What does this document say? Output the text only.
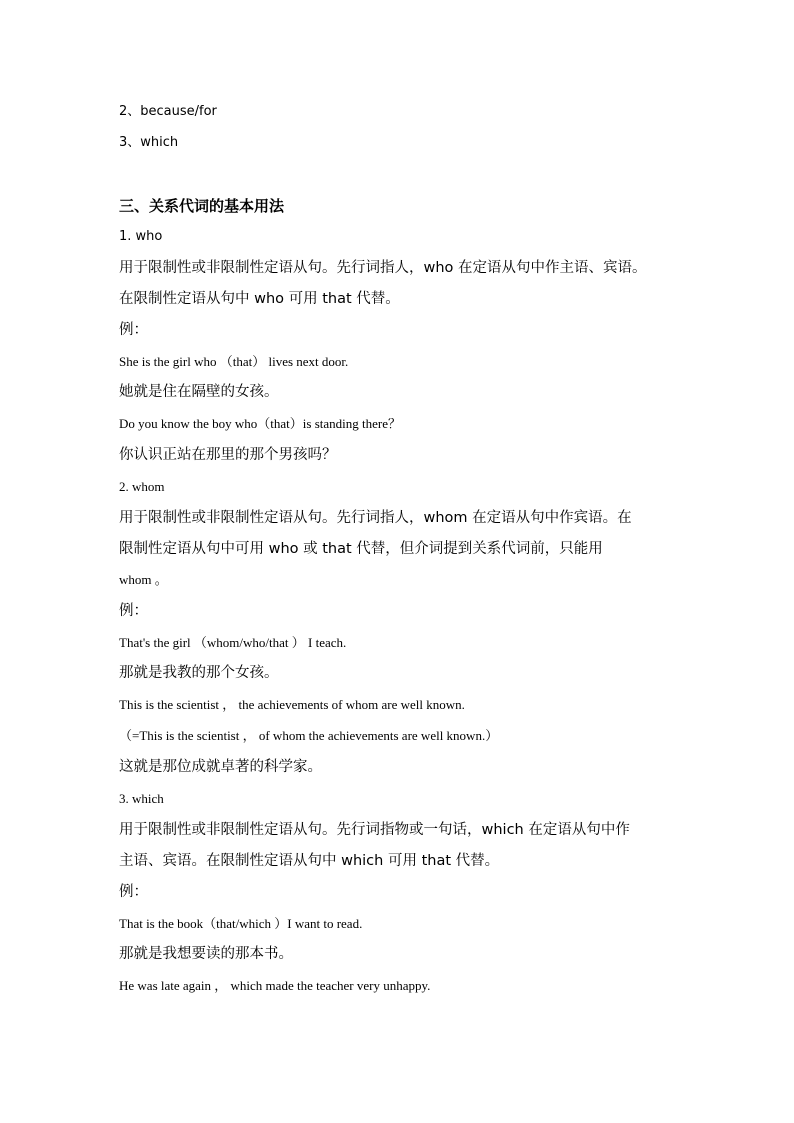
2、because/for
3、which
三、关系代词的基本用法
1. who
用于限制性或非限制性定语从句。先行词指人，who 在定语从句中作主语、宾语。
在限制性定语从句中 who 可用 that 代替。
例：
She is the girl who （that） lives next door.
她就是住在隔壁的女孩。
Do you know the boy who（that）is standing there？
你认识正站在那里的那个男孩吗？
2. whom
用于限制性或非限制性定语从句。先行词指人，whom 在定语从句中作宾语。在
限制性定语从句中可用 who 或 that 代替，但介词提到关系代词前，只能用
whom 。
例：
That's the girl （whom/who/that ） I teach.
那就是我教的那个女孩。
This is the scientist ， the achievements of whom are well known.
（=This is the scientist ， of whom the achievements are well known.）
这就是那位成就卓著的科学家。
3. which
用于限制性或非限制性定语从句。先行词指物或一句话，which 在定语从句中作
主语、宾语。在限制性定语从句中 which 可用 that 代替。
例：
That is the book（that/which ）I want to read.
那就是我想要读的那本书。
He was late again ， which made the teacher very unhappy.
